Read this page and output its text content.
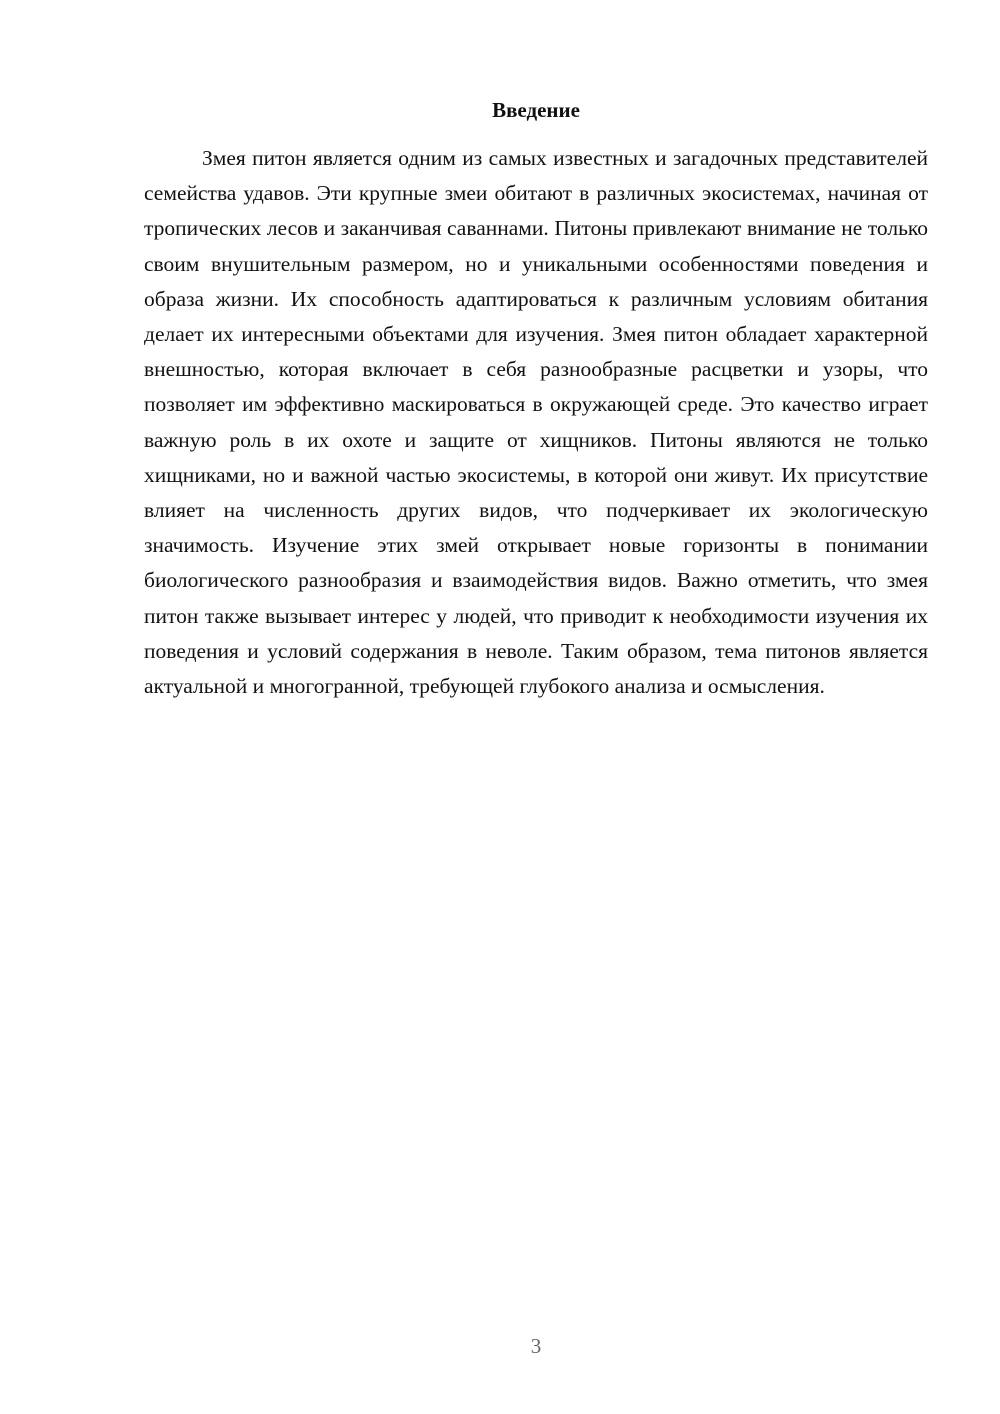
Введение

Змея питон является одним из самых известных и загадочных представителей семейства удавов. Эти крупные змеи обитают в различных экосистемах, начиная от тропических лесов и заканчивая саваннами. Питоны привлекают внимание не только своим внушительным размером, но и уникальными особенностями поведения и образа жизни. Их способность адаптироваться к различным условиям обитания делает их интересными объектами для изучения. Змея питон обладает характерной внешностью, которая включает в себя разнообразные расцветки и узоры, что позволяет им эффективно маскироваться в окружающей среде. Это качество играет важную роль в их охоте и защите от хищников. Питоны являются не только хищниками, но и важной частью экосистемы, в которой они живут. Их присутствие влияет на численность других видов, что подчеркивает их экологическую значимость. Изучение этих змей открывает новые горизонты в понимании биологического разнообразия и взаимодействия видов. Важно отметить, что змея питон также вызывает интерес у людей, что приводит к необходимости изучения их поведения и условий содержания в неволе. Таким образом, тема питонов является актуальной и многогранной, требующей глубокого анализа и осмысления.

3
